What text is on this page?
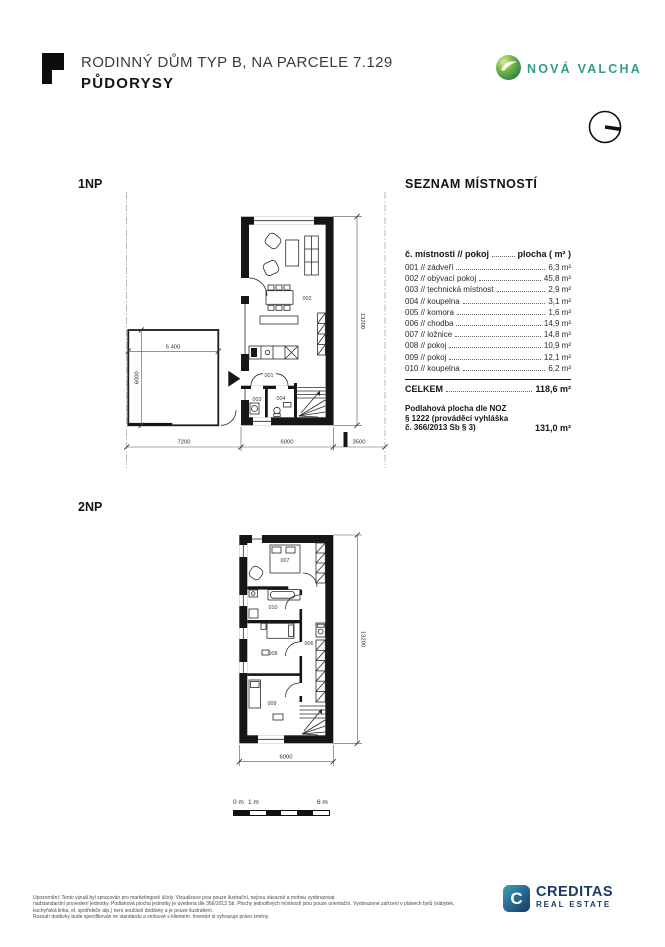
RODINNÝ DŮM TYP B, NA PARCELE 7.129
PŮDORYSY
NOVÁ VALCHA
1NP	SEZNAM MÍSTNOSTÍ
5 400
6000
002
001
003	004
7200	6000	3500
13200
2NP
007
010
008
006
009
6000
13200
č. místnosti // pokoj	plocha ( m² )
001 // zádveří	6,3 m²
002 // obývací pokoj	45,8 m²
003 // technická místnost	2,9 m²
004 // koupelna	3,1 m²
005 // komora	1,6 m²
006 // chodba	14,9 m²
007 // ložnice	14,8 m²
008 // pokoj	10,9 m²
009 // pokoj	12,1 m²
010 // koupelna	6,2 m²
CELKEM	118,6 m²
Podlahová plocha dle NOZ § 1222 (prováděcí vyhláška č. 366/2013 Sb § 3)	131,0 m²
0 m 1 m	6 m
Upozornění: Tento vizuál byl zpracován pro marketingové účely. Vizualizace jsou pouze ilustrační, nejsou závazné a mohou vyobrazovat
nadstandardní provedení jednotky. Podlahová plocha jednotky je uvedena dle 366/2013 Sb. Plochy jednotlivých místností jsou pouze orientační. Vyobrazené zařízení v plánech bytů (nábytek, kuchyňská linka, el. spotřebiče atp.) není součástí dodávky a je pouze ilustrativní.
Rozsah dodávky bude specifikován ve standardu a smlouvě s klientem. Investor si vyhrazuje právo změny.
C CREDITAS
REAL ESTATE
